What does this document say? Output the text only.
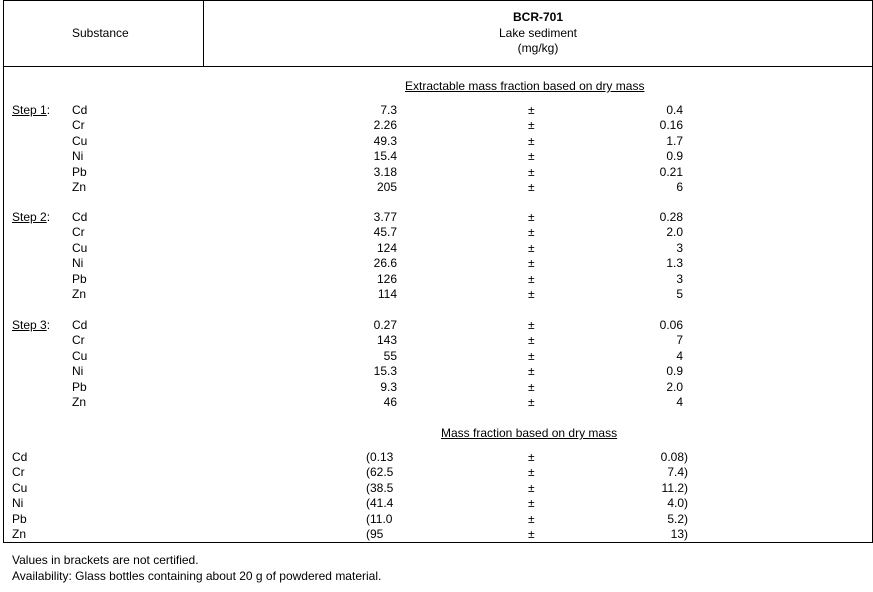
Substance
BCR-701
Lake sediment
(mg/kg)
Extractable mass fraction based on dry mass
Step 1: Cd	7.3	±	0.4
Cr	2.26	±	0.16
Cu	49.3	±	1.7
Ni	15.4	±	0.9
Pb	3.18	±	0.21
Zn	205	±	6
Step 2: Cd	3.77	±	0.28
Cr	45.7	±	2.0
Cu	124	±	3
Ni	26.6	±	1.3
Pb	126	±	3
Zn	114	±	5
Step 3: Cd	0.27	±	0.06
Cr	143	±	7
Cu	55	±	4
Ni	15.3	±	0.9
Pb	9.3	±	2.0
Zn	46	±	4
Mass fraction based on dry mass
Cd	(0.13	±	0.08)
Cr	(62.5	±	7.4)
Cu	(38.5	±	11.2)
Ni	(41.4	±	4.0)
Pb	(11.0	±	5.2)
Zn	(95	±	13)
Values in brackets are not certified.
Availability: Glass bottles containing about 20 g of powdered material.
